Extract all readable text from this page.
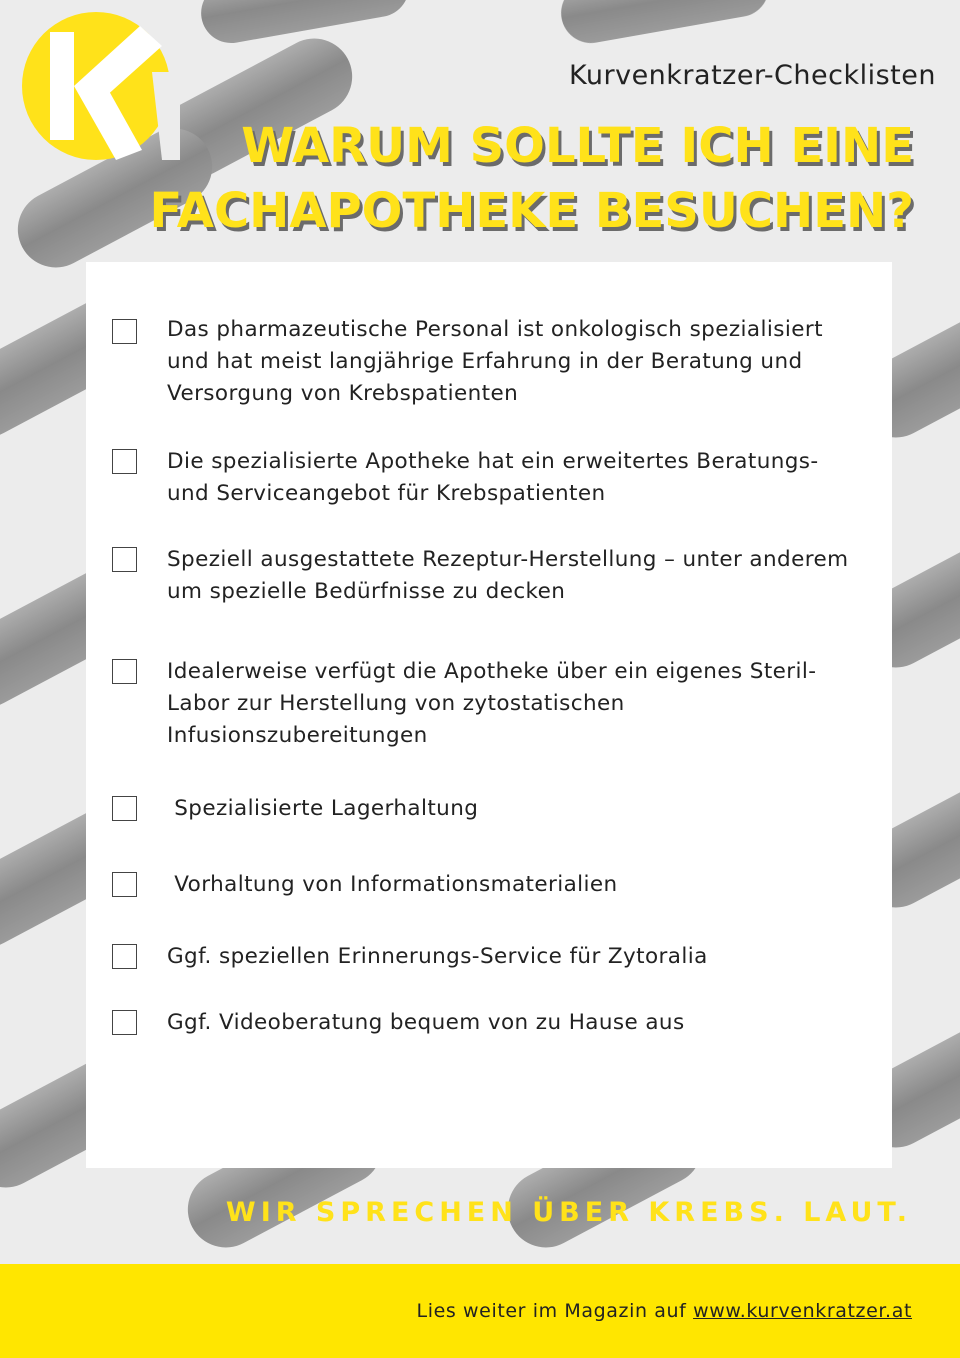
Kurvenkratzer-Checklisten
WARUM SOLLTE ICH EINE
FACHAPOTHEKE BESUCHEN?
Das pharmazeutische Personal ist onkologisch spezialisiert
und hat meist langjährige Erfahrung in der Beratung und
Versorgung von Krebspatienten
Die spezialisierte Apotheke hat ein erweitertes Beratungs-
und Serviceangebot für Krebspatienten
Speziell ausgestattete Rezeptur-Herstellung – unter anderem
um spezielle Bedürfnisse zu decken
Idealerweise verfügt die Apotheke über ein eigenes Steril-
Labor zur Herstellung von zytostatischen
Infusionszubereitungen
Spezialisierte Lagerhaltung
Vorhaltung von Informationsmaterialien
Ggf. speziellen Erinnerungs-Service für Zytoralia
Ggf. Videoberatung bequem von zu Hause aus
WIR SPRECHEN ÜBER KREBS. LAUT.
Lies weiter im Magazin auf www.kurvenkratzer.at
